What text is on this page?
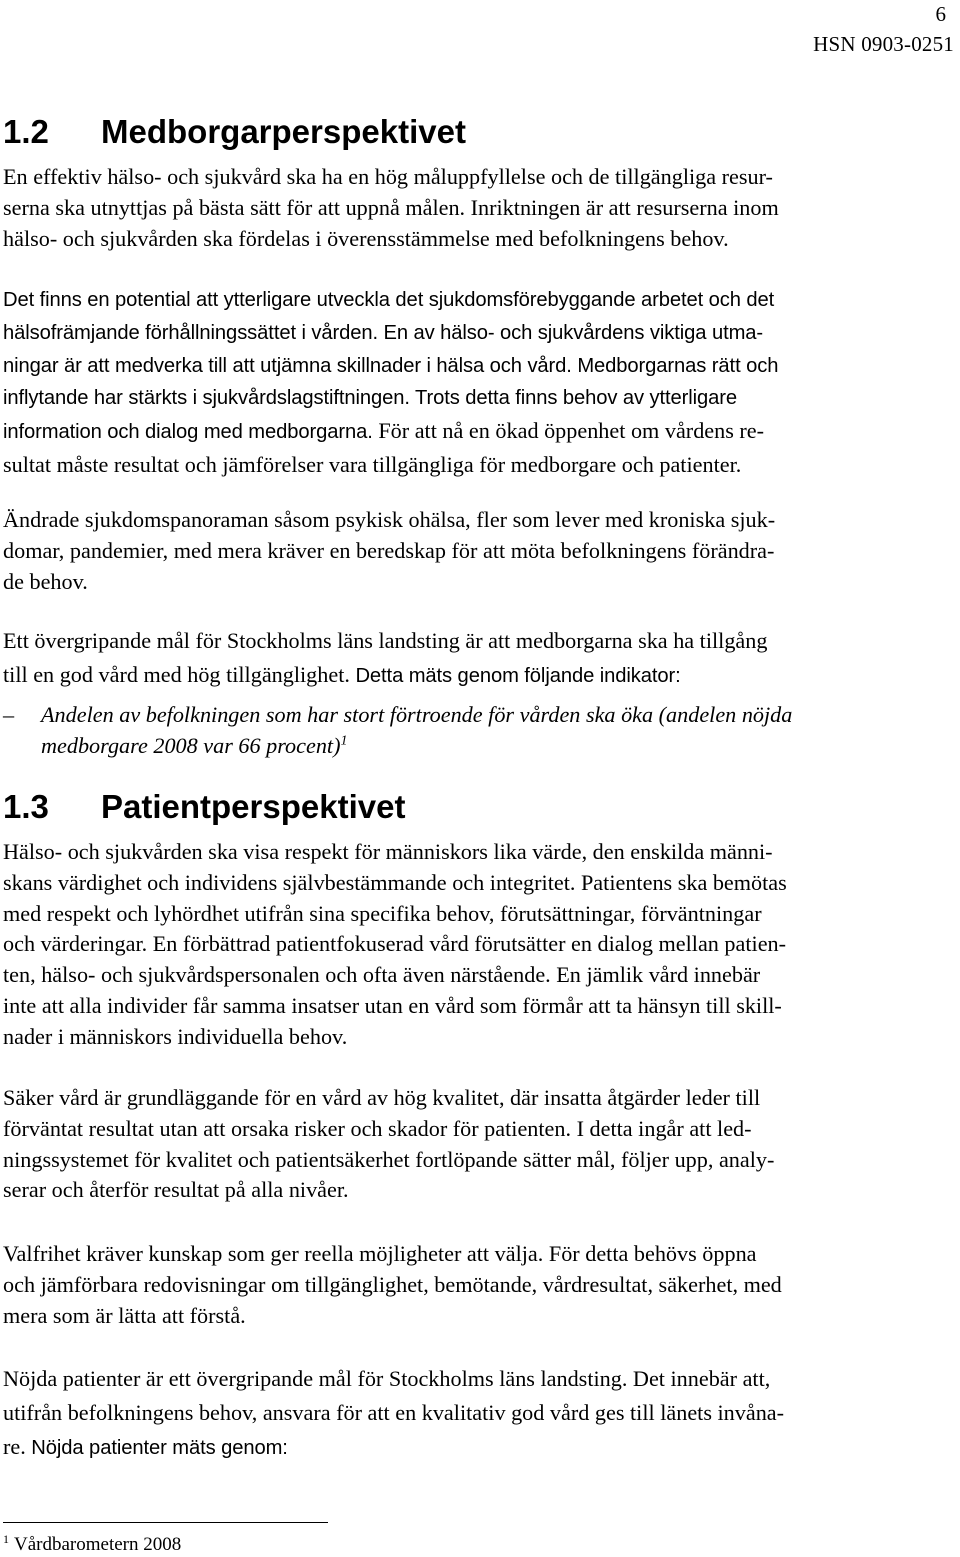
6
HSN 0903-0251
1.2 Medborgarperspektivet

En effektiv hälso- och sjukvård ska ha en hög måluppfyllelse och de tillgängliga resur-
serna ska utnyttjas på bästa sätt för att uppnå målen. Inriktningen är att resurserna inom
hälso- och sjukvården ska fördelas i överensstämmelse med befolkningens behov.

Det finns en potential att ytterligare utveckla det sjukdomsförebyggande arbetet och det
hälsofrämjande förhållningssättet i vården. En av hälso- och sjukvårdens viktiga utma-
ningar är att medverka till att utjämna skillnader i hälsa och vård. Medborgarnas rätt och
inflytande har stärkts i sjukvårdslagstiftningen. Trots detta finns behov av ytterligare
information och dialog med medborgarna. För att nå en ökad öppenhet om vårdens re-
sultat måste resultat och jämförelser vara tillgängliga för medborgare och patienter.

Ändrade sjukdomspanoraman såsom psykisk ohälsa, fler som lever med kroniska sjuk-
domar, pandemier, med mera kräver en beredskap för att möta befolkningens förändra-
de behov.

Ett övergripande mål för Stockholms läns landsting är att medborgarna ska ha tillgång
till en god vård med hög tillgänglighet. Detta mäts genom följande indikator:

– Andelen av befolkningen som har stort förtroende för vården ska öka (andelen nöjda
medborgare 2008 var 66 procent)$^1$
1.3 Patientperspektivet

Hälso- och sjukvården ska visa respekt för människors lika värde, den enskilda männi-
skans värdighet och individens självbestämmande och integritet. Patientens ska bemötas
med respekt och lyhördhet utifrån sina specifika behov, förutsättningar, förväntningar
och värderingar. En förbättrad patientfokuserad vård förutsätter en dialog mellan patien-
ten, hälso- och sjukvårdspersonalen och ofta även närstående. En jämlik vård innebär
inte att alla individer får samma insatser utan en vård som förmår att ta hänsyn till skill-
nader i människors individuella behov.

Säker vård är grundläggande för en vård av hög kvalitet, där insatta åtgärder leder till
förväntat resultat utan att orsaka risker och skador för patienten. I detta ingår att led-
ningssystemet för kvalitet och patientsäkerhet fortlöpande sätter mål, följer upp, analy-
serar och återför resultat på alla nivåer.

Valfrihet kräver kunskap som ger reella möjligheter att välja. För detta behövs öppna
och jämförbara redovisningar om tillgänglighet, bemötande, vårdresultat, säkerhet, med
mera som är lätta att förstå.

Nöjda patienter är ett övergripande mål för Stockholms läns landsting. Det innebär att,
utifrån befolkningens behov, ansvara för att en kvalitativ god vård ges till länets invåna-
re. Nöjda patienter mäts genom:

$^1$ Vårdbarometern 2008
